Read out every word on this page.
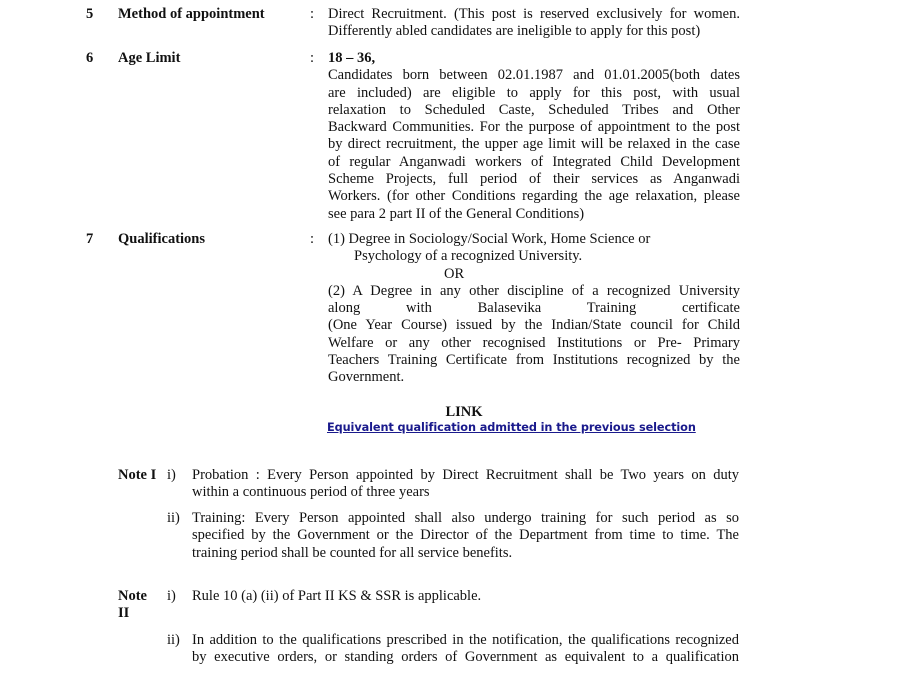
5 Method of appointment	: Direct Recruitment. (This post is reserved exclusively for women.

Differently abled candidates are ineligible to apply for this post)

6 Age Limit	: 18 – 36,

Candidates born between 02.01.1987 and 01.01.2005(both dates

are included) are eligible to apply for this post, with usual

relaxation to Scheduled Caste, Scheduled Tribes and Other

Backward Communities. For the purpose of appointment to the post

by direct recruitment, the upper age limit will be relaxed in the case

of regular Anganwadi workers of Integrated Child Development

Scheme Projects, full period of their services as Anganwadi

Workers. (for other Conditions regarding the age relaxation, please

see para 2 part II of the General Conditions)

7 Qualifications	: (1) Degree in Sociology/Social Work, Home Science or

Psychology of a recognized University.

OR

(2) A Degree in any other discipline of a recognized University

along with Balasevika Training certificate

(One Year Course) issued by the Indian/State council for Child

Welfare or any other recognised Institutions or Pre- Primary

Teachers Training Certificate from Institutions recognized by the

Government.

LINK
Equivalent qualification admitted in the previous selection
Note I i) Probation : Every Person appointed by Direct Recruitment shall be Two years on duty

within a continuous period of three years

ii) Training: Every Person appointed shall also undergo training for such period as so

specified by the Government or the Director of the Department from time to time. The

training period shall be counted for all service benefits.

Note
II
i) Rule 10 (a) (ii) of Part II KS & SSR is applicable.

ii) In addition to the qualifications prescribed in the notification, the qualifications recognized

by executive orders, or standing orders of Government as equivalent to a qualification
